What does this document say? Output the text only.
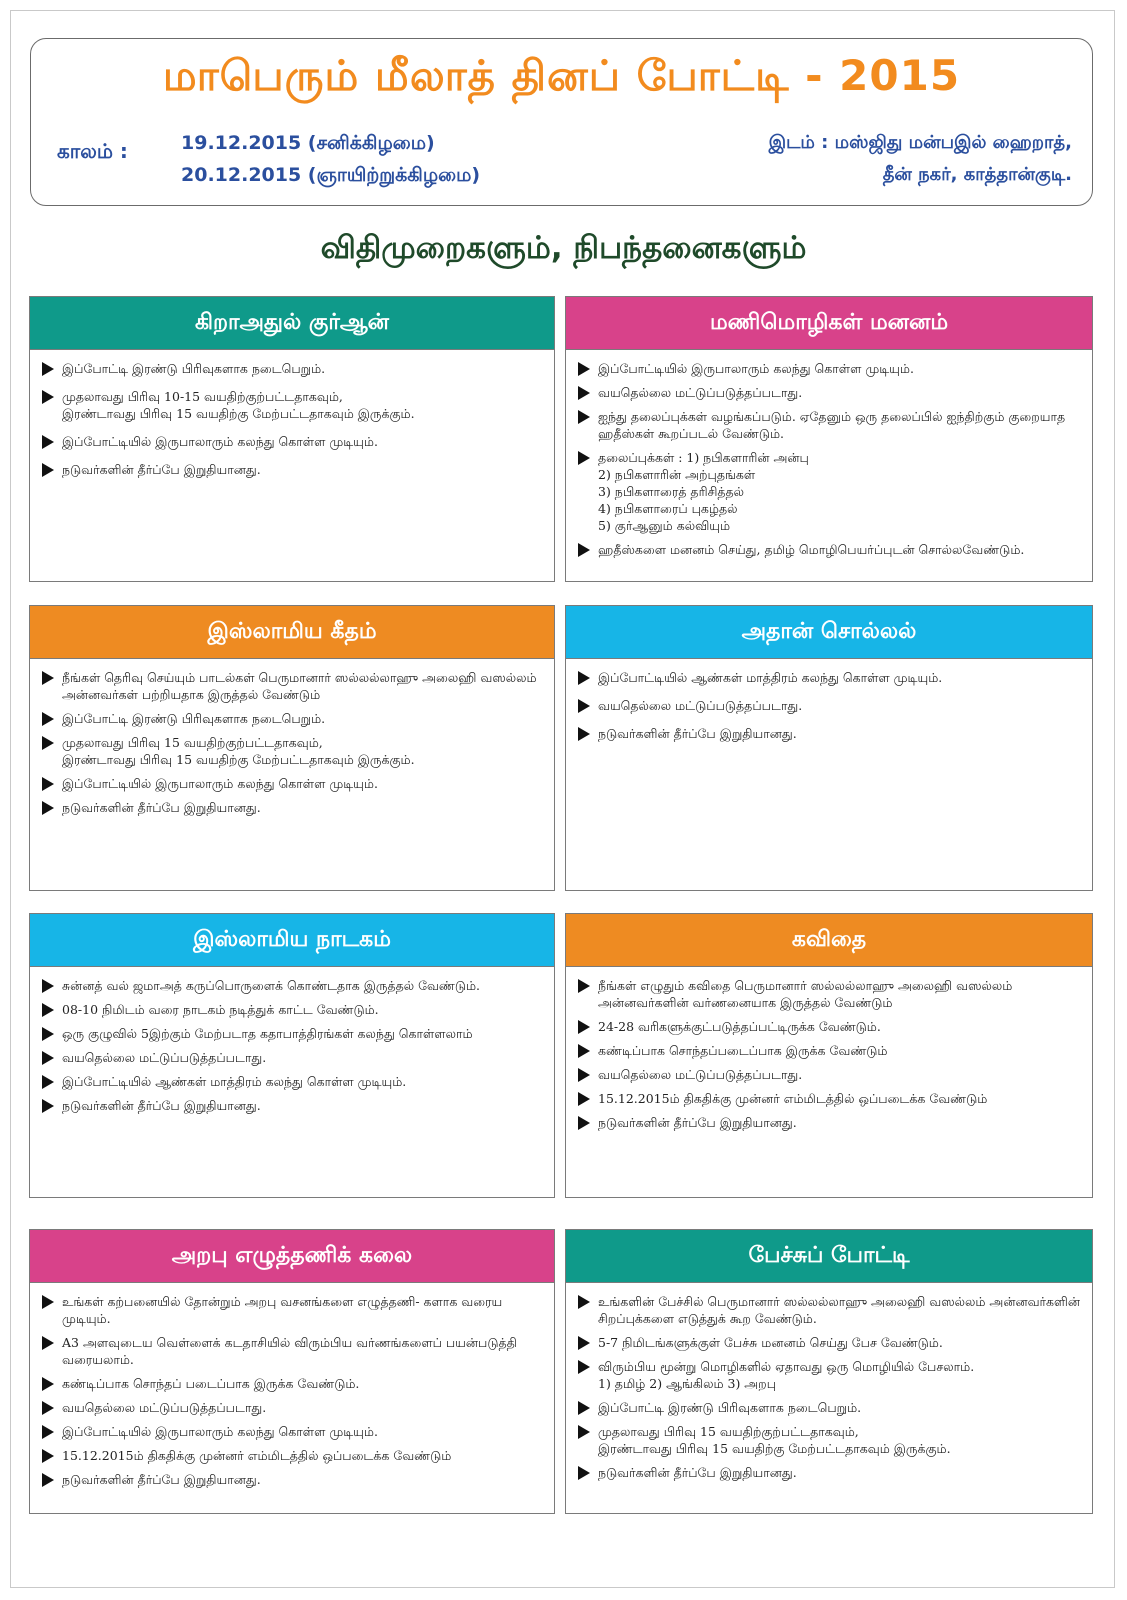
மாபெரும் மீலாத் தினப் போட்டி - 2015
காலம் :	19.12.2015 (சனிக்கிழமை)
20.12.2015 (ஞாயிற்றுக்கிழமை)
இடம் : மஸ்ஜிது மன்பஇல் ஹைறாத்,
தீன் நகர், காத்தான்குடி.
விதிமுறைகளும், நிபந்தனைகளும்
கிறாஅதுல் குர்ஆன்
இப்போட்டி இரண்டு பிரிவுகளாக நடைபெறும்.
முதலாவது பிரிவு 10-15 வயதிற்குற்பட்டதாகவும்,
இரண்டாவது பிரிவு 15 வயதிற்கு மேற்பட்டதாகவும் இருக்கும்.
இப்போட்டியில் இருபாலாரும் கலந்து கொள்ள முடியும்.
நடுவர்களின் தீர்ப்பே இறுதியானது.
மணிமொழிகள் மனனம்
இப்போட்டியில் இருபாலாரும் கலந்து கொள்ள முடியும்.
வயதெல்லை மட்டுப்படுத்தப்படாது.
ஐந்து தலைப்புக்கள் வழங்கப்படும். ஏதேனும் ஒரு தலைப்பில் ஐந்திற்கும் குறையாத ஹதீஸ்கள் கூறப்படல் வேண்டும்.
தலைப்புக்கள் : 1) நபிகளாரின் அன்பு
2) நபிகளாரின் அற்புதங்கள்
3) நபிகளாரைத் தரிசித்தல்
4) நபிகளாரைப் புகழ்தல்
5) குர்ஆனும் கல்வியும்
ஹதீஸ்களை மனனம் செய்து, தமிழ் மொழிபெயர்ப்புடன் சொல்லவேண்டும்.
இஸ்லாமிய கீதம்
நீங்கள் தெரிவு செய்யும் பாடல்கள் பெருமானார் ஸல்லல்லாஹு அலைஹி வஸல்லம் அன்னவர்கள் பற்றியதாக இருத்தல் வேண்டும்
இப்போட்டி இரண்டு பிரிவுகளாக நடைபெறும்.
முதலாவது பிரிவு 15 வயதிற்குற்பட்டதாகவும்,
இரண்டாவது பிரிவு 15 வயதிற்கு மேற்பட்டதாகவும் இருக்கும்.
இப்போட்டியில் இருபாலாரும் கலந்து கொள்ள முடியும்.
நடுவர்களின் தீர்ப்பே இறுதியானது.
அதான் சொல்லல்
இப்போட்டியில் ஆண்கள் மாத்திரம் கலந்து கொள்ள முடியும்.
வயதெல்லை மட்டுப்படுத்தப்படாது.
நடுவர்களின் தீர்ப்பே இறுதியானது.
இஸ்லாமிய நாடகம்
சுன்னத் வல் ஜமாஅத் கருப்பொருளைக் கொண்டதாக இருத்தல் வேண்டும்.
08-10 நிமிடம் வரை நாடகம் நடித்துக் காட்ட வேண்டும்.
ஒரு குழுவில் 5இற்கும் மேற்படாத கதாபாத்திரங்கள் கலந்து கொள்ளலாம்
வயதெல்லை மட்டுப்படுத்தப்படாது.
இப்போட்டியில் ஆண்கள் மாத்திரம் கலந்து கொள்ள முடியும்.
நடுவர்களின் தீர்ப்பே இறுதியானது.
கவிதை
நீங்கள் எழுதும் கவிதை பெருமானார் ஸல்லல்லாஹு அலைஹி வஸல்லம் அன்னவர்களின் வர்ணனையாக இருத்தல் வேண்டும்
24-28 வரிகளுக்குட்படுத்தப்பட்டிருக்க வேண்டும்.
கண்டிப்பாக சொந்தப்படைப்பாக இருக்க வேண்டும்
வயதெல்லை மட்டுப்படுத்தப்படாது.
15.12.2015ம் திகதிக்கு முன்னர் எம்மிடத்தில் ஒப்படைக்க வேண்டும்
நடுவர்களின் தீர்ப்பே இறுதியானது.
அறபு எழுத்தணிக் கலை
உங்கள் கற்பனையில் தோன்றும் அறபு வசனங்களை எழுத்தணி- களாக வரைய முடியும்.
A3 அளவுடைய வெள்ளைக் கடதாசியில் விரும்பிய வர்ணங்களைப் பயன்படுத்தி வரையலாம்.
கண்டிப்பாக சொந்தப் படைப்பாக இருக்க வேண்டும்.
வயதெல்லை மட்டுப்படுத்தப்படாது.
இப்போட்டியில் இருபாலாரும் கலந்து கொள்ள முடியும்.
15.12.2015ம் திகதிக்கு முன்னர் எம்மிடத்தில் ஒப்படைக்க வேண்டும்
நடுவர்களின் தீர்ப்பே இறுதியானது.
பேச்சுப் போட்டி
உங்களின் பேச்சில் பெருமானார் ஸல்லல்லாஹு அலைஹி வஸல்லம் அன்னவர்களின் சிறப்புக்களை எடுத்துக் கூற வேண்டும்.
5-7 நிமிடங்களுக்குள் பேச்சு மனனம் செய்து பேச வேண்டும்.
விரும்பிய மூன்று மொழிகளில் ஏதாவது ஒரு மொழியில் பேசலாம்.
1) தமிழ் 2) ஆங்கிலம் 3) அறபு
இப்போட்டி இரண்டு பிரிவுகளாக நடைபெறும்.
முதலாவது பிரிவு 15 வயதிற்குற்பட்டதாகவும்,
இரண்டாவது பிரிவு 15 வயதிற்கு மேற்பட்டதாகவும் இருக்கும்.
நடுவர்களின் தீர்ப்பே இறுதியானது.
